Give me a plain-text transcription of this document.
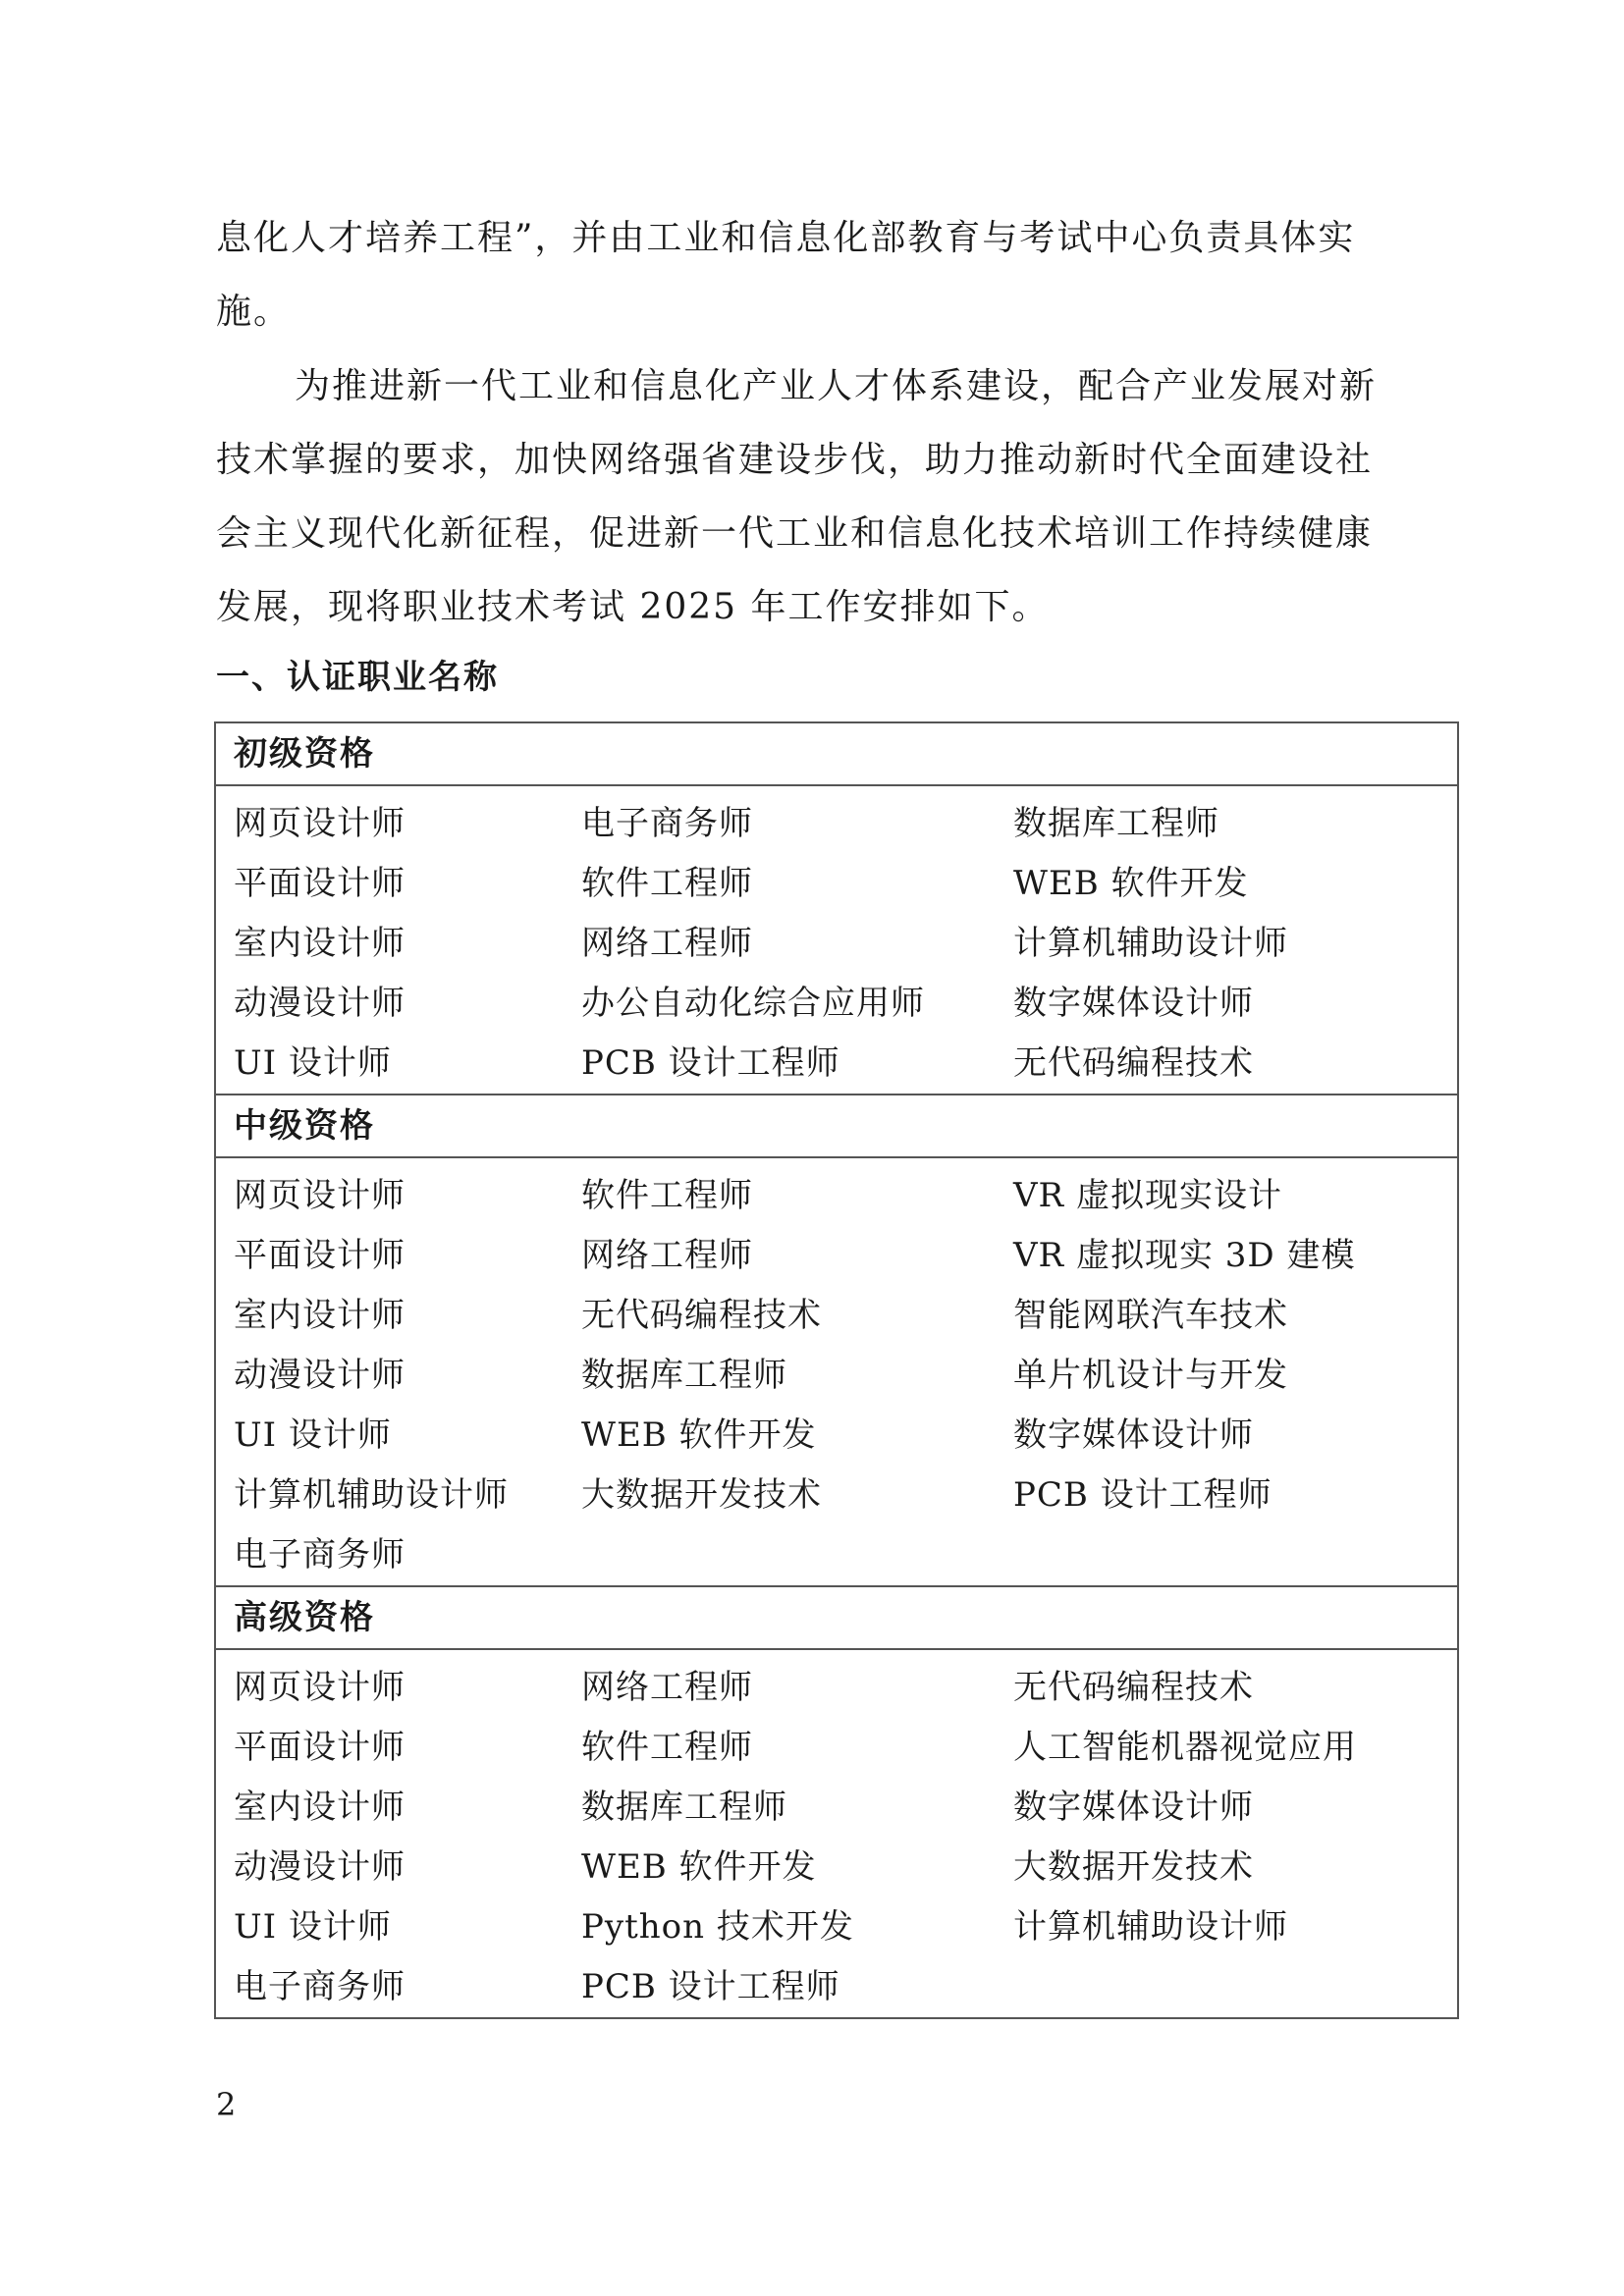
息化人才培养工程”，并由工业和信息化部教育与考试中心负责具体实
施。

为推进新一代工业和信息化产业人才体系建设，配合产业发展对新
技术掌握的要求，加快网络强省建设步伐，助力推动新时代全面建设社
会主义现代化新征程，促进新一代工业和信息化技术培训工作持续健康
发展，现将职业技术考试 2025 年工作安排如下。

一、认证职业名称
初级资格
网页设计师	电子商务师	数据库工程师
平面设计师	软件工程师	WEB 软件开发
室内设计师	网络工程师	计算机辅助设计师
动漫设计师	办公自动化综合应用师	数字媒体设计师
UI 设计师	PCB 设计工程师	无代码编程技术
中级资格
网页设计师	软件工程师	VR 虚拟现实设计
平面设计师	网络工程师	VR 虚拟现实 3D 建模
室内设计师	无代码编程技术	智能网联汽车技术
动漫设计师	数据库工程师	单片机设计与开发
UI 设计师	WEB 软件开发	数字媒体设计师
计算机辅助设计师	大数据开发技术	PCB 设计工程师
电子商务师
高级资格
网页设计师	网络工程师	无代码编程技术
平面设计师	软件工程师	人工智能机器视觉应用
室内设计师	数据库工程师	数字媒体设计师
动漫设计师	WEB 软件开发	大数据开发技术
UI 设计师	Python 技术开发	计算机辅助设计师
电子商务师	PCB 设计工程师

2
